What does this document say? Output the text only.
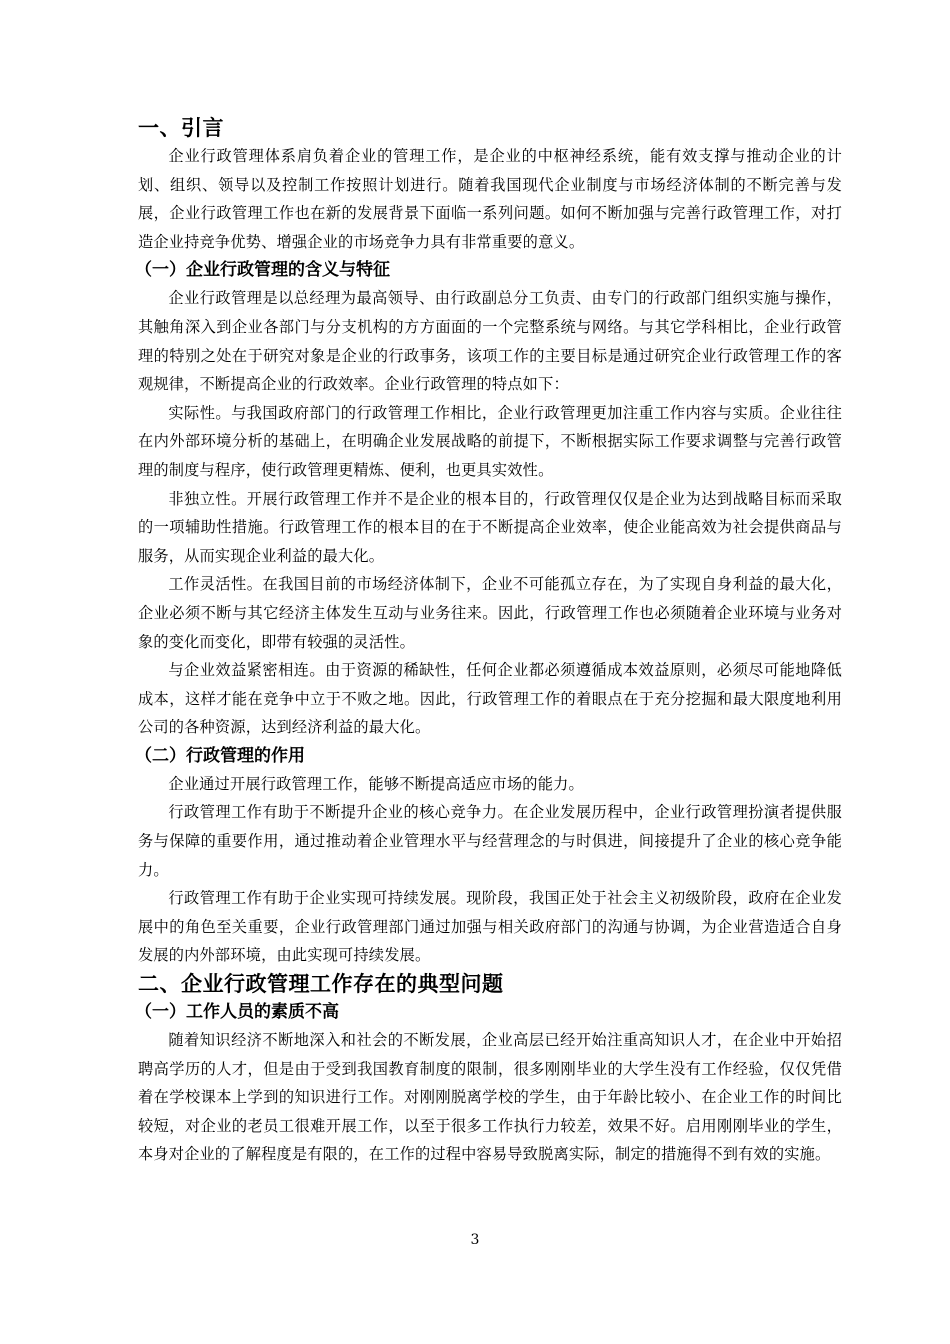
一、引言

企业行政管理体系肩负着企业的管理工作，是企业的中枢神经系统，能有效支撑与推动企业的计划、组织、领导以及控制工作按照计划进行。随着我国现代企业制度与市场经济体制的不断完善与发展，企业行政管理工作也在新的发展背景下面临一系列问题。如何不断加强与完善行政管理工作，对打造企业持竞争优势、增强企业的市场竞争力具有非常重要的意义。

（一）企业行政管理的含义与特征

企业行政管理是以总经理为最高领导、由行政副总分工负责、由专门的行政部门组织实施与操作，其触角深入到企业各部门与分支机构的方方面面的一个完整系统与网络。与其它学科相比，企业行政管理的特别之处在于研究对象是企业的行政事务，该项工作的主要目标是通过研究企业行政管理工作的客观规律，不断提高企业的行政效率。企业行政管理的特点如下：

实际性。与我国政府部门的行政管理工作相比，企业行政管理更加注重工作内容与实质。企业往往在内外部环境分析的基础上，在明确企业发展战略的前提下，不断根据实际工作要求调整与完善行政管理的制度与程序，使行政管理更精炼、便利，也更具实效性。

非独立性。开展行政管理工作并不是企业的根本目的，行政管理仅仅是企业为达到战略目标而采取的一项辅助性措施。行政管理工作的根本目的在于不断提高企业效率，使企业能高效为社会提供商品与服务，从而实现企业利益的最大化。

工作灵活性。在我国目前的市场经济体制下，企业不可能孤立存在，为了实现自身利益的最大化，企业必须不断与其它经济主体发生互动与业务往来。因此，行政管理工作也必须随着企业环境与业务对象的变化而变化，即带有较强的灵活性。

与企业效益紧密相连。由于资源的稀缺性，任何企业都必须遵循成本效益原则，必须尽可能地降低成本，这样才能在竞争中立于不败之地。因此，行政管理工作的着眼点在于充分挖掘和最大限度地利用公司的各种资源，达到经济利益的最大化。

（二）行政管理的作用

企业通过开展行政管理工作，能够不断提高适应市场的能力。

行政管理工作有助于不断提升企业的核心竞争力。在企业发展历程中，企业行政管理扮演者提供服务与保障的重要作用，通过推动着企业管理水平与经营理念的与时俱进，间接提升了企业的核心竞争能力。

行政管理工作有助于企业实现可持续发展。现阶段，我国正处于社会主义初级阶段，政府在企业发展中的角色至关重要，企业行政管理部门通过加强与相关政府部门的沟通与协调，为企业营造适合自身发展的内外部环境，由此实现可持续发展。

二、企业行政管理工作存在的典型问题
（一）工作人员的素质不高

随着知识经济不断地深入和社会的不断发展，企业高层已经开始注重高知识人才，在企业中开始招聘高学历的人才，但是由于受到我国教育制度的限制，很多刚刚毕业的大学生没有工作经验，仅仅凭借着在学校课本上学到的知识进行工作。对刚刚脱离学校的学生，由于年龄比较小、在企业工作的时间比较短，对企业的老员工很难开展工作，以至于很多工作执行力较差，效果不好。启用刚刚毕业的学生，本身对企业的了解程度是有限的，在工作的过程中容易导致脱离实际，制定的措施得不到有效的实施。

3
